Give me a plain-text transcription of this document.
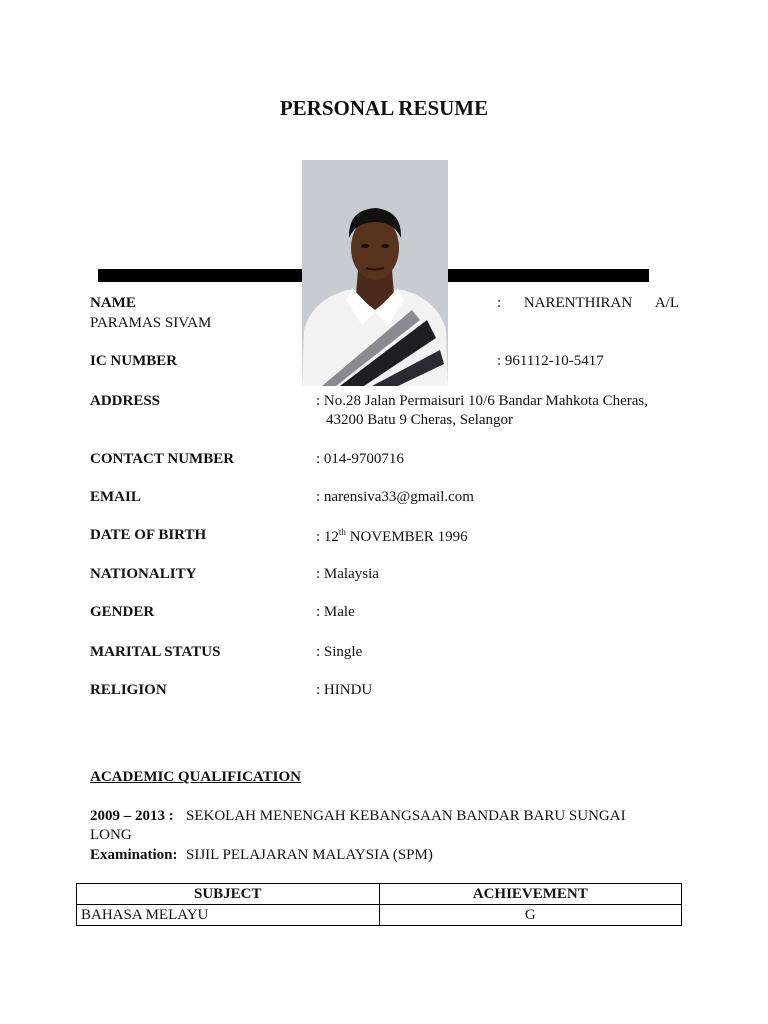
PERSONAL RESUME
NAME	: NARENTHIRAN A/L
PARAMAS SIVAM
IC NUMBER	: 961112-10-5417
ADDRESS	: No.28 Jalan Permaisuri 10/6 Bandar Mahkota Cheras,
43200 Batu 9 Cheras, Selangor
CONTACT NUMBER	: 014-9700716
EMAIL	: narensiva33@gmail.com
DATE OF BIRTH	: 12th NOVEMBER 1996
NATIONALITY	: Malaysia
GENDER	: Male
MARITAL STATUS	: Single
RELIGION	: HINDU
ACADEMIC QUALIFICATION
2009 – 2013 : SEKOLAH MENENGAH KEBANGSAAN BANDAR BARU SUNGAI
LONG
Examination: SIJIL PELAJARAN MALAYSIA (SPM)
SUBJECT	ACHIEVEMENT
BAHASA MELAYU	G
